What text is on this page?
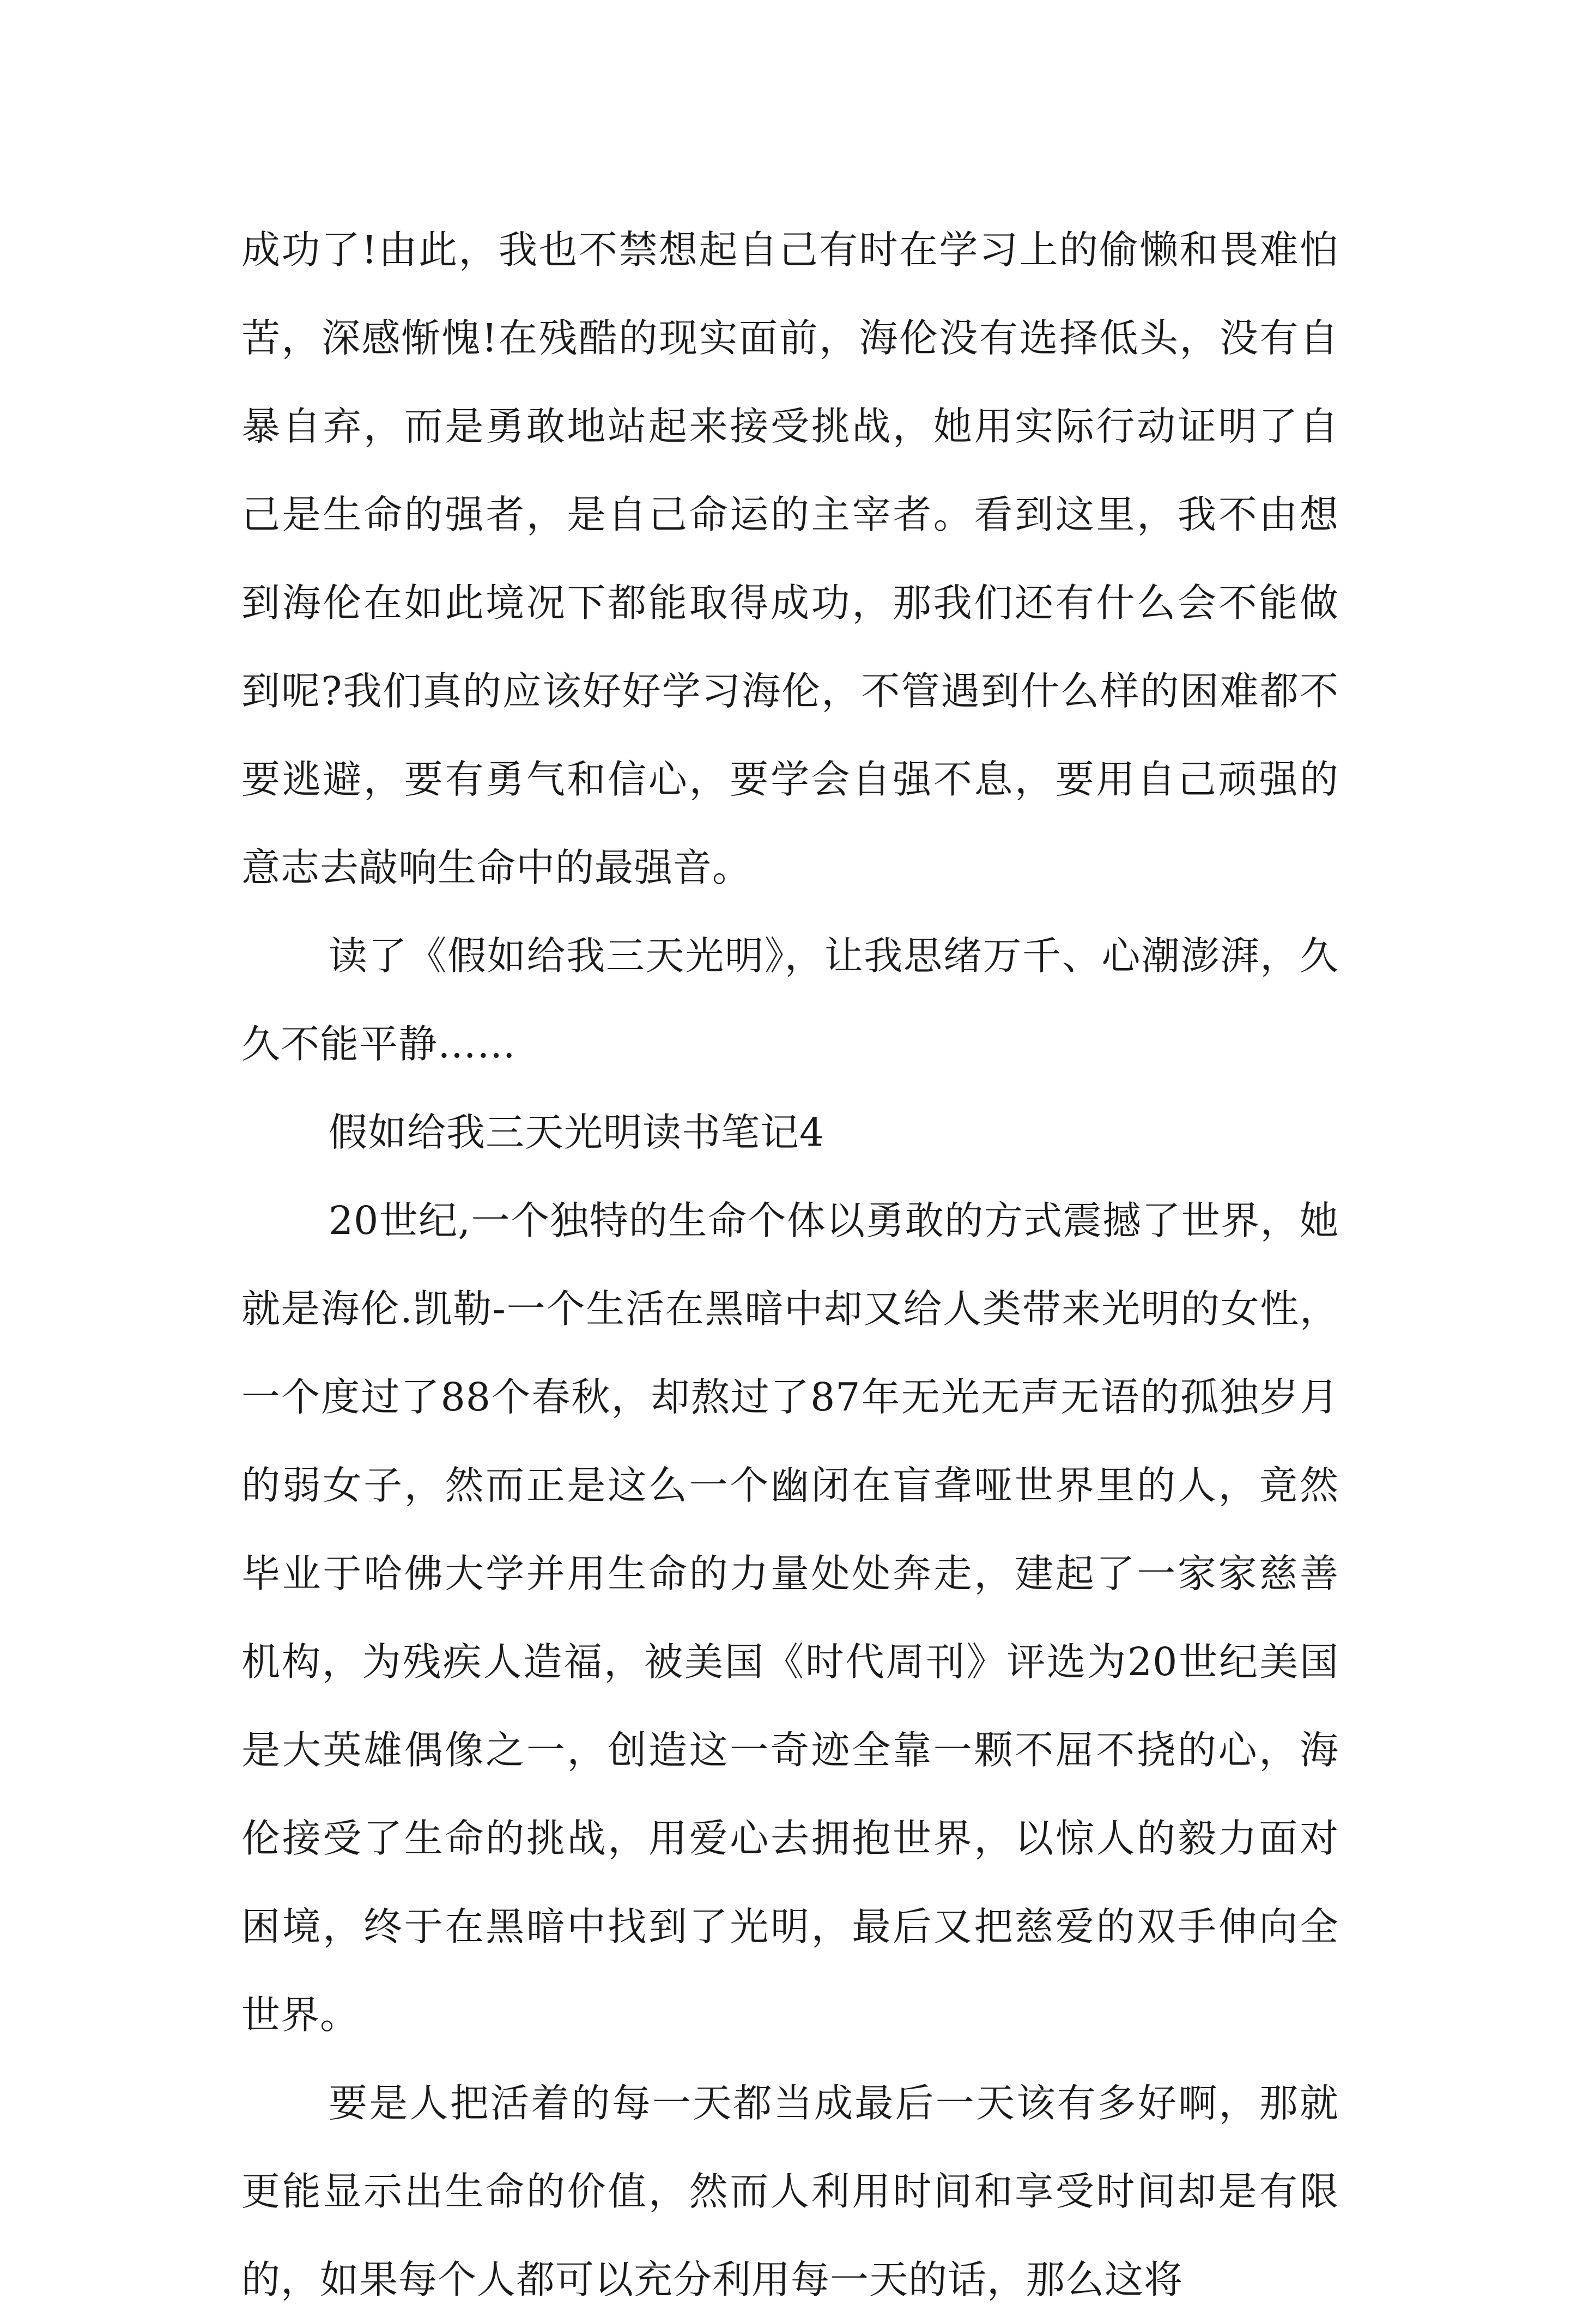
成功了!由此，我也不禁想起自己有时在学习上的偷懒和畏难怕苦，深感惭愧!在残酷的现实面前，海伦没有选择低头，没有自暴自弃，而是勇敢地站起来接受挑战，她用实际行动证明了自己是生命的强者，是自己命运的主宰者。看到这里，我不由想到海伦在如此境况下都能取得成功，那我们还有什么会不能做到呢?我们真的应该好好学习海伦，不管遇到什么样的困难都不要逃避，要有勇气和信心，要学会自强不息，要用自己顽强的意志去敲响生命中的最强音。

读了《假如给我三天光明》，让我思绪万千、心潮澎湃，久久不能平静……

假如给我三天光明读书笔记4

20世纪,一个独特的生命个体以勇敢的方式震撼了世界，她就是海伦.凯勒-一个生活在黑暗中却又给人类带来光明的女性，一个度过了88个春秋，却熬过了87年无光无声无语的孤独岁月的弱女子，然而正是这么一个幽闭在盲聋哑世界里的人，竟然毕业于哈佛大学并用生命的力量处处奔走，建起了一家家慈善机构，为残疾人造福，被美国《时代周刊》评选为20世纪美国是大英雄偶像之一，创造这一奇迹全靠一颗不屈不挠的心，海伦接受了生命的挑战，用爱心去拥抱世界，以惊人的毅力面对困境，终于在黑暗中找到了光明，最后又把慈爱的双手伸向全世界。

要是人把活着的每一天都当成最后一天该有多好啊，那就更能显示出生命的价值，然而人利用时间和享受时间却是有限的，如果每个人都可以充分利用每一天的话，那么这将
